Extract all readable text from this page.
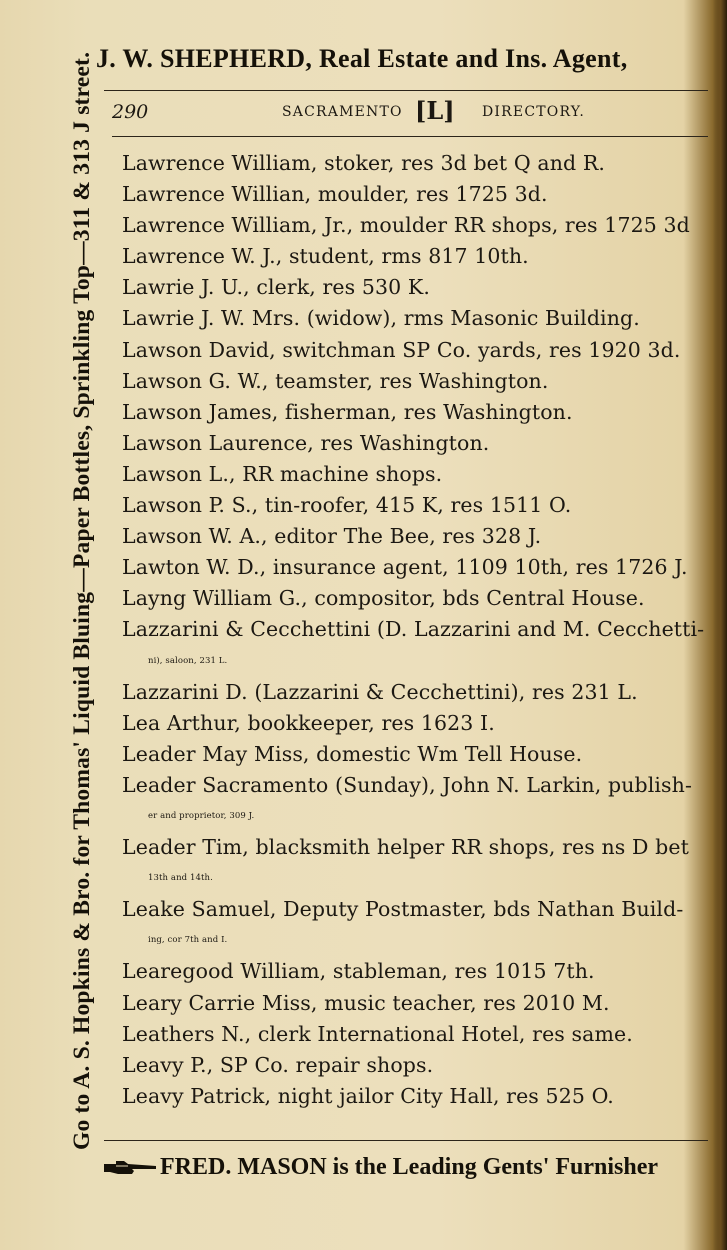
J. W. SHEPHERD, Real Estate and Ins. Agent,
Go to A. S. Hopkins & Bro. for Thomas' Liquid Bluing—Paper Bottles, Sprinkling Top—311 & 313 J street. 290	SACRAMENTO [L] DIRECTORY.
Lawrence William, stoker, res 3d bet Q and R.
Lawrence Willian, moulder, res 1725 3d.
Lawrence William, Jr., moulder RR shops, res 1725 3d
Lawrence W. J., student, rms 817 10th.
Lawrie J. U., clerk, res 530 K.
Lawrie J. W. Mrs. (widow), rms Masonic Building.
Lawson David, switchman SP Co. yards, res 1920 3d.
Lawson G. W., teamster, res Washington.
Lawson James, fisherman, res Washington.
Lawson Laurence, res Washington.
Lawson L., RR machine shops.
Lawson P. S., tin-roofer, 415 K, res 1511 O.
Lawson W. A., editor The Bee, res 328 J.
Lawton W. D., insurance agent, 1109 10th, res 1726 J.
Layng William G., compositor, bds Central House.
Lazzarini & Cecchettini (D. Lazzarini and M. Cecchetti-
ni), saloon, 231 L.
Lazzarini D. (Lazzarini & Cecchettini), res 231 L.
Lea Arthur, bookkeeper, res 1623 I.
Leader May Miss, domestic Wm Tell House.
Leader Sacramento (Sunday), John N. Larkin, publish-
er and proprietor, 309 J.
Leader Tim, blacksmith helper RR shops, res ns D bet
13th and 14th.
Leake Samuel, Deputy Postmaster, bds Nathan Build-
ing, cor 7th and I.
Learegood William, stableman, res 1015 7th.
Leary Carrie Miss, music teacher, res 2010 M.
Leathers N., clerk International Hotel, res same.
Leavy P., SP Co. repair shops.
Leavy Patrick, night jailor City Hall, res 525 O.
FRED. MASON is the Leading Gents' Furnisher
